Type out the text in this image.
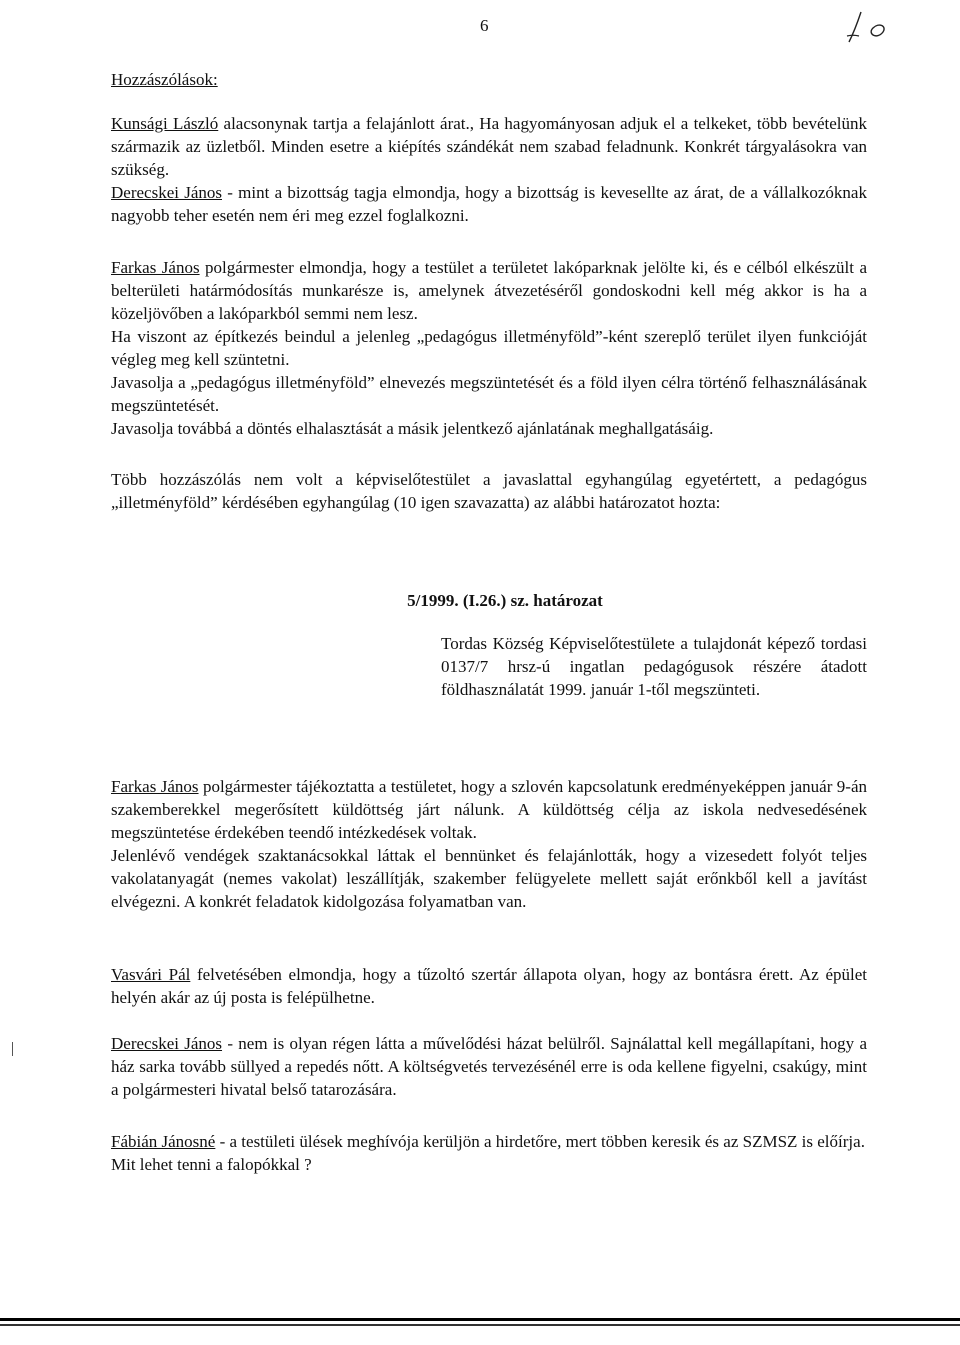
6
Hozzászólások:

Kunsági László alacsonynak tartja a felajánlott árat., Ha hagyományosan adjuk el a telkeket, több bevételünk származik az üzletből. Minden esetre a kiépítés szándékát nem szabad feladnunk. Konkrét tárgyalásokra van szükség.

Derecskei János - mint a bizottság tagja elmondja, hogy a bizottság is kevesellte az árat, de a vállalkozóknak nagyobb teher esetén nem éri meg ezzel foglalkozni.

Farkas János polgármester elmondja, hogy a testület a területet lakóparknak jelölte ki, és e célból elkészült a belterületi határmódosítás munkarésze is, amelynek átvezetéséről gondoskodni kell még akkor is ha a közeljövőben a lakóparkból semmi nem lesz.

Ha viszont az építkezés beindul a jelenleg „pedagógus illetményföld”-ként szereplő terület ilyen funkcióját végleg meg kell szüntetni.

Javasolja a „pedagógus illetményföld” elnevezés megszüntetését és a föld ilyen célra történő felhasználásának megszüntetését.

Javasolja továbbá a döntés elhalasztását a másik jelentkező ajánlatának meghallgatásáig.

Több hozzászólás nem volt a képviselőtestület a javaslattal egyhangúlag egyetértett, a pedagógus „illetményföld” kérdésében egyhangúlag (10 igen szavazatta) az alábbi határozatot hozta:

5/1999. (I.26.) sz. határozat

Tordas Község Képviselőtestülete a tulajdonát képező tordasi 0137/7 hrsz-ú ingatlan pedagógusok részére átadott földhasználatát 1999. január 1-től megszünteti.

Farkas János polgármester tájékoztatta a testületet, hogy a szlovén kapcsolatunk eredményeképpen január 9-án szakemberekkel megerősített küldöttség járt nálunk. A küldöttség célja az iskola nedvesedésének megszüntetése érdekében teendő intézkedések voltak.

Jelenlévő vendégek szaktanácsokkal láttak el bennünket és felajánlották, hogy a vizesedett folyót teljes vakolatanyagát (nemes vakolat) leszállítják, szakember felügyelete mellett saját erőnkből kell a javítást elvégezni. A konkrét feladatok kidolgozása folyamatban van.

Vasvári Pál felvetésében elmondja, hogy a tűzoltó szertár állapota olyan, hogy az bontásra érett. Az épület helyén akár az új posta is felépülhetne.

Derecskei János - nem is olyan régen látta a művelődési házat belülről. Sajnálattal kell megállapítani, hogy a ház sarka tovább süllyed a repedés nőtt. A költségvetés tervezésénél erre is oda kellene figyelni, csakúgy, mint a polgármesteri hivatal belső tatarozására.

Fábián Jánosné - a testületi ülések meghívója kerüljön a hirdetőre, mert többen keresik és az SZMSZ is előírja.

Mit lehet tenni a falopókkal ?
